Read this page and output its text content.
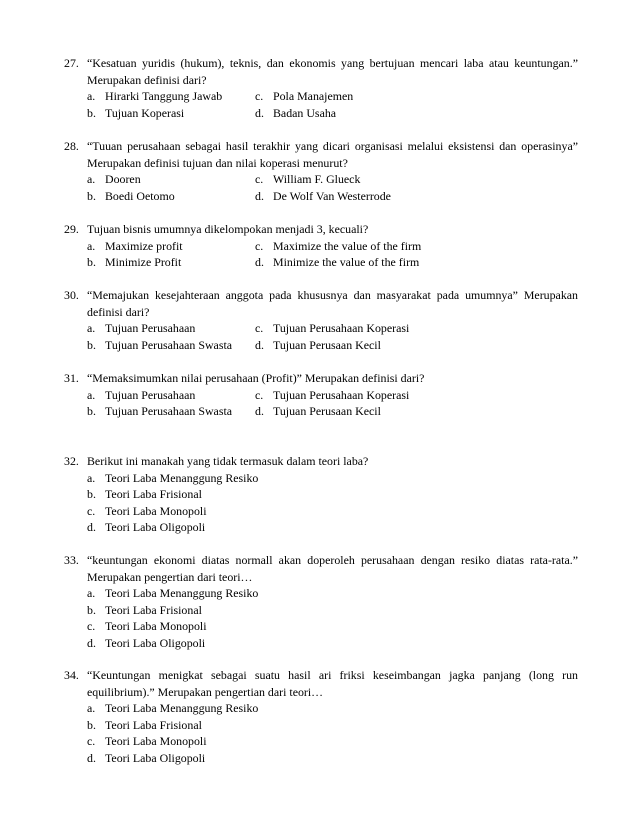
27. “Kesatuan yuridis (hukum), teknis, dan ekonomis yang bertujuan mencari laba atau keuntungan.” Merupakan definisi dari?
a. Hirarki Tanggung Jawab	c. Pola Manajemen
b. Tujuan Koperasi	d. Badan Usaha
28. “Tuuan perusahaan sebagai hasil terakhir yang dicari organisasi melalui eksistensi dan operasinya” Merupakan definisi tujuan dan nilai koperasi menurut?
a. Dooren	c. William F. Glueck
b. Boedi Oetomo	d. De Wolf Van Westerrode
29. Tujuan bisnis umumnya dikelompokan menjadi 3, kecuali?
a. Maximize profit	c. Maximize the value of the firm
b. Minimize Profit	d. Minimize the value of the firm
30. “Memajukan kesejahteraan anggota pada khususnya dan masyarakat pada umumnya” Merupakan definisi dari?
a. Tujuan Perusahaan	c. Tujuan Perusahaan Koperasi
b. Tujuan Perusahaan Swasta d. Tujuan Perusaan Kecil
31. “Memaksimumkan nilai perusahaan (Profit)” Merupakan definisi dari?
a. Tujuan Perusahaan	c. Tujuan Perusahaan Koperasi
b. Tujuan Perusahaan Swasta d. Tujuan Perusaan Kecil
32. Berikut ini manakah yang tidak termasuk dalam teori laba?
a. Teori Laba Menanggung Resiko
b. Teori Laba Frisional
c. Teori Laba Monopoli
d. Teori Laba Oligopoli
33. “keuntungan ekonomi diatas normall akan doperoleh perusahaan dengan resiko diatas rata-rata.” Merupakan pengertian dari teori…
a. Teori Laba Menanggung Resiko
b. Teori Laba Frisional
c. Teori Laba Monopoli
d. Teori Laba Oligopoli
34. “Keuntungan menigkat sebagai suatu hasil ari friksi keseimbangan jagka panjang (long run equilibrium).” Merupakan pengertian dari teori…
a. Teori Laba Menanggung Resiko
b. Teori Laba Frisional
c. Teori Laba Monopoli
d. Teori Laba Oligopoli
